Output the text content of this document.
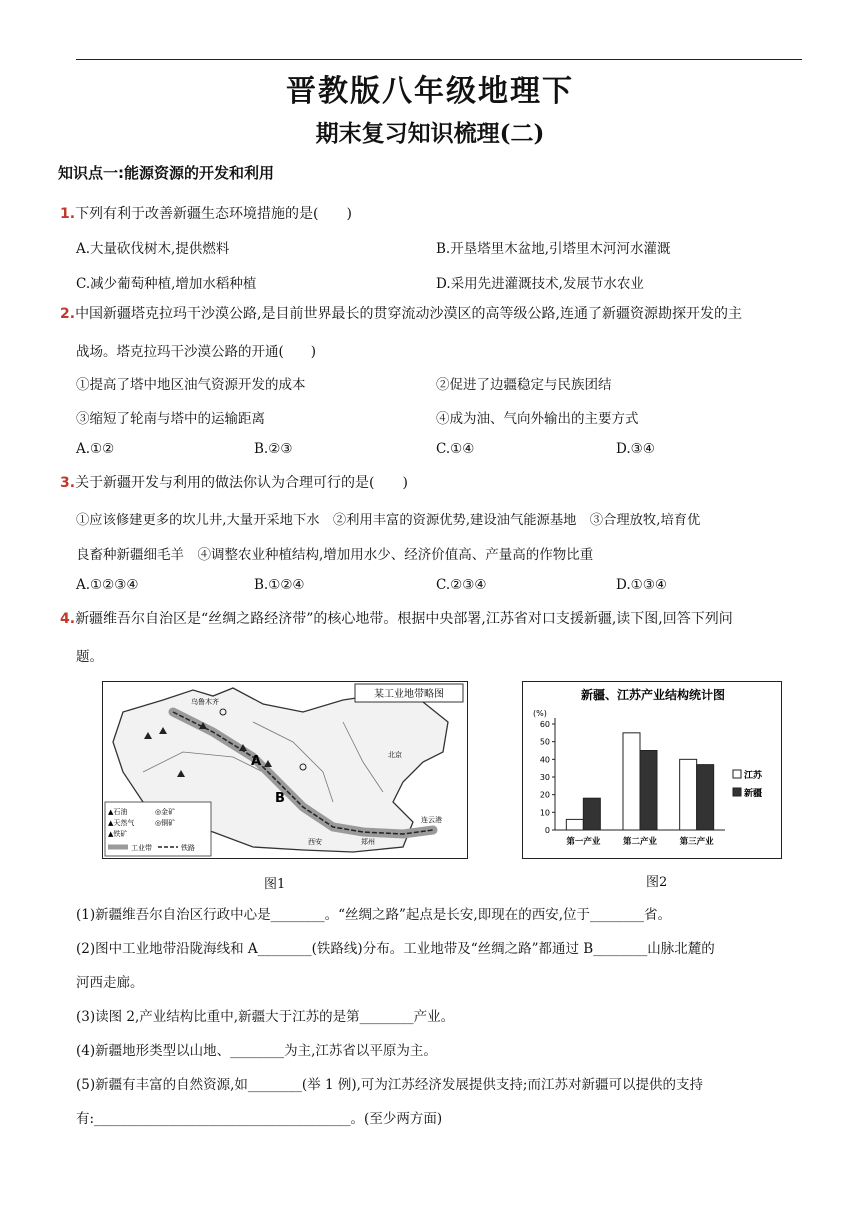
晋教版八年级地理下
期末复习知识梳理(二)
知识点一:能源资源的开发和利用
1.下列有利于改善新疆生态环境措施的是(　　)
A.大量砍伐树木,提供燃料	B.开垦塔里木盆地,引塔里木河河水灌溉
C.减少葡萄种植,增加水稻种植	D.采用先进灌溉技术,发展节水农业
2.中国新疆塔克拉玛干沙漠公路,是目前世界最长的贯穿流动沙漠区的高等级公路,连通了新疆资源勘探开发的主
战场。塔克拉玛干沙漠公路的开通(　　)
①提高了塔中地区油气资源开发的成本	②促进了边疆稳定与民族团结
③缩短了轮南与塔中的运输距离	④成为油、气向外输出的主要方式
A.①②	B.②③	C.①④	D.③④
3.关于新疆开发与利用的做法你认为合理可行的是(　　)
①应该修建更多的坎儿井,大量开采地下水　②利用丰富的资源优势,建设油气能源基地　③合理放牧,培育优
良畜种新疆细毛羊　④调整农业种植结构,增加用水少、经济价值高、产量高的作物比重
A.①②③④	B.①②④	C.②③④	D.①③④
4.新疆维吾尔自治区是“丝绸之路经济带”的核心地带。根据中央部署,江苏省对口支援新疆,读下图,回答下列问
题。
某工业地带略图
A
B
乌鲁木齐
西安	郑州
连云港
北京
▲石油	◎金矿
▲天然气	◎铜矿
▲铁矿
工业带	铁路
图1
新疆、江苏产业结构统计图
(%)
0
10
20
30
40
50
60
第一产业	第二产业	第三产业
江苏
新疆
图2
(1)新疆维吾尔自治区行政中心是________。“丝绸之路”起点是长安,即现在的西安,位于________省。
(2)图中工业地带沿陇海线和 A________(铁路线)分布。工业地带及“丝绸之路”都通过 B________山脉北麓的
河西走廊。
(3)读图 2,产业结构比重中,新疆大于江苏的是第________产业。
(4)新疆地形类型以山地、________为主,江苏省以平原为主。
(5)新疆有丰富的自然资源,如________(举 1 例),可为江苏经济发展提供支持;而江苏对新疆可以提供的支持
有:______________________________________。(至少两方面)
